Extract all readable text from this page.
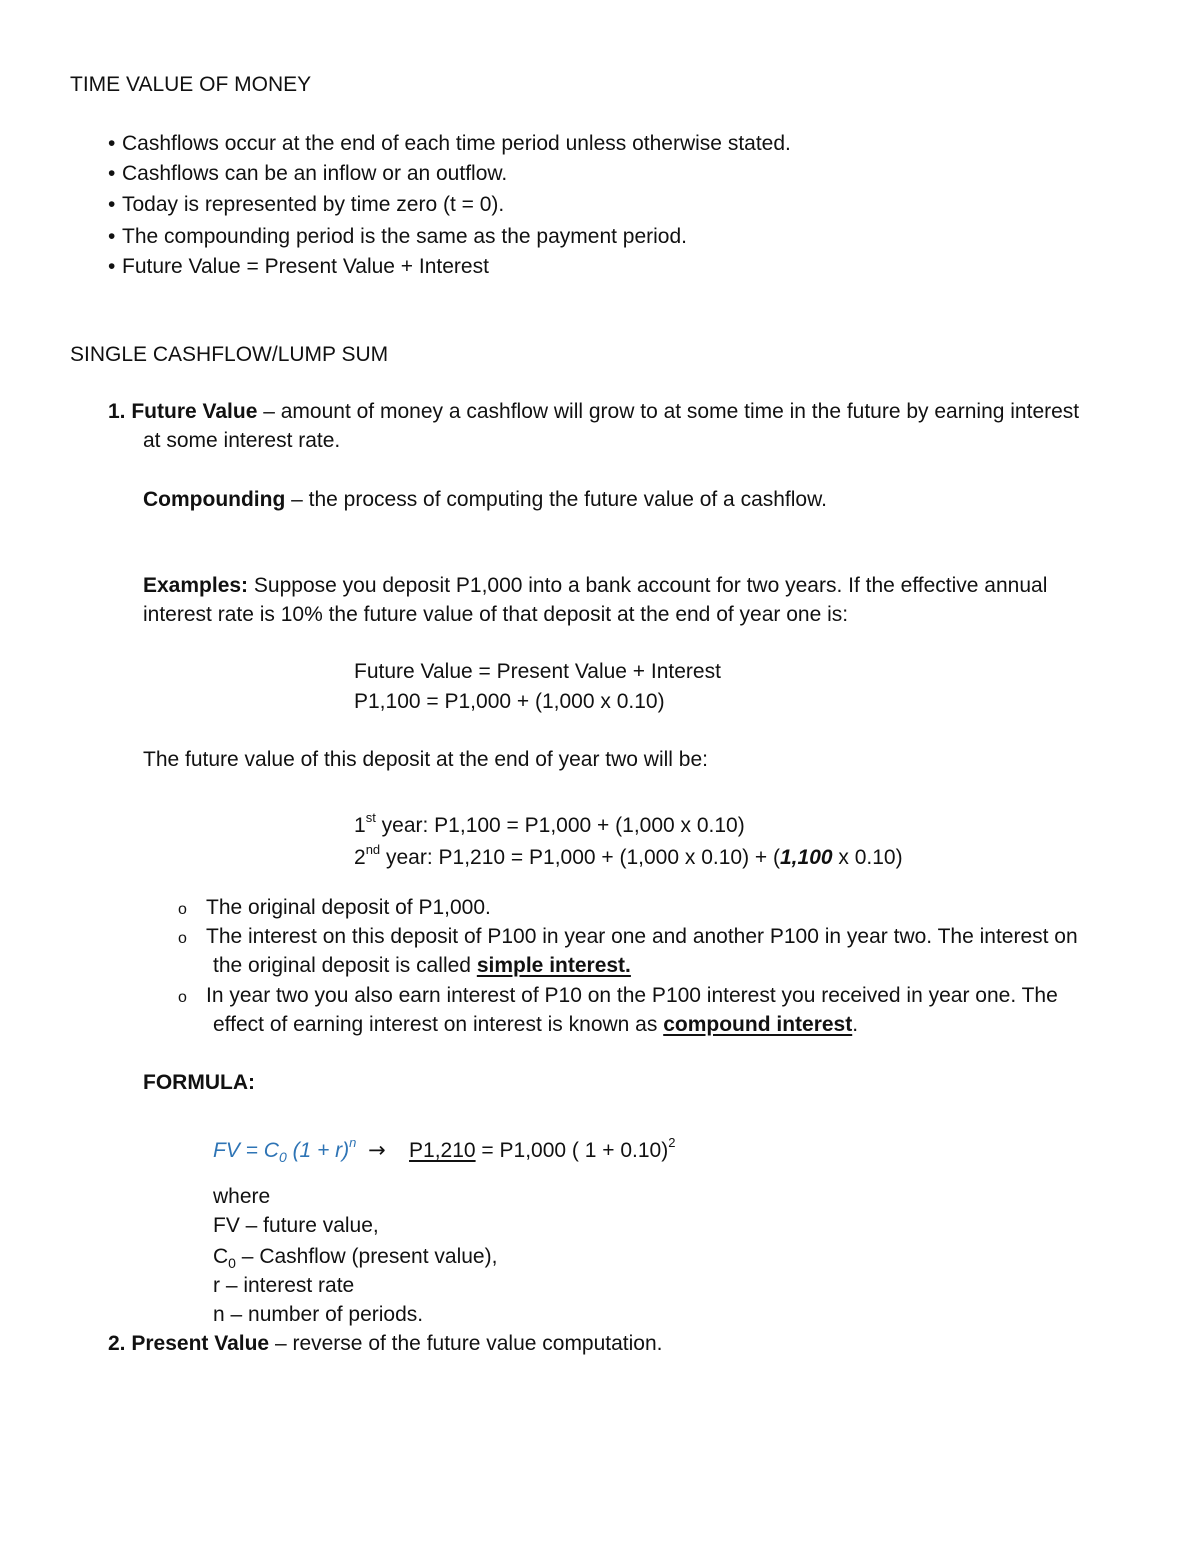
TIME VALUE OF MONEY
• Cashflows occur at the end of each time period unless otherwise stated.
• Cashflows can be an inflow or an outflow.
• Today is represented by time zero (t = 0).
• The compounding period is the same as the payment period.
• Future Value = Present Value + Interest
SINGLE CASHFLOW/LUMP SUM
1. Future Value – amount of money a cashflow will grow to at some time in the future by earning interest
at some interest rate.
Compounding – the process of computing the future value of a cashflow.
Examples: Suppose you deposit P1,000 into a bank account for two years. If the effective annual
interest rate is 10% the future value of that deposit at the end of year one is:
Future Value = Present Value + Interest
P1,100 = P1,000 + (1,000 x 0.10)
The future value of this deposit at the end of year two will be:
1st year: P1,100 = P1,000 + (1,000 x 0.10)
2nd year: P1,210 = P1,000 + (1,000 x 0.10) + (1,100 x 0.10)
o The original deposit of P1,000.
o The interest on this deposit of P100 in year one and another P100 in year two. The interest on
the original deposit is called simple interest.
o In year two you also earn interest of P10 on the P100 interest you received in year one. The
effect of earning interest on interest is known as compound interest.
FORMULA:
FV = $C_0$ $(1 + r)^n \to P1,210 = P1,000$ ( 1 + 0.10)$^2$
where
FV – future value,
$C_0$ – Cashflow (present value),
r – interest rate
n – number of periods.
2. Present Value – reverse of the future value computation.
